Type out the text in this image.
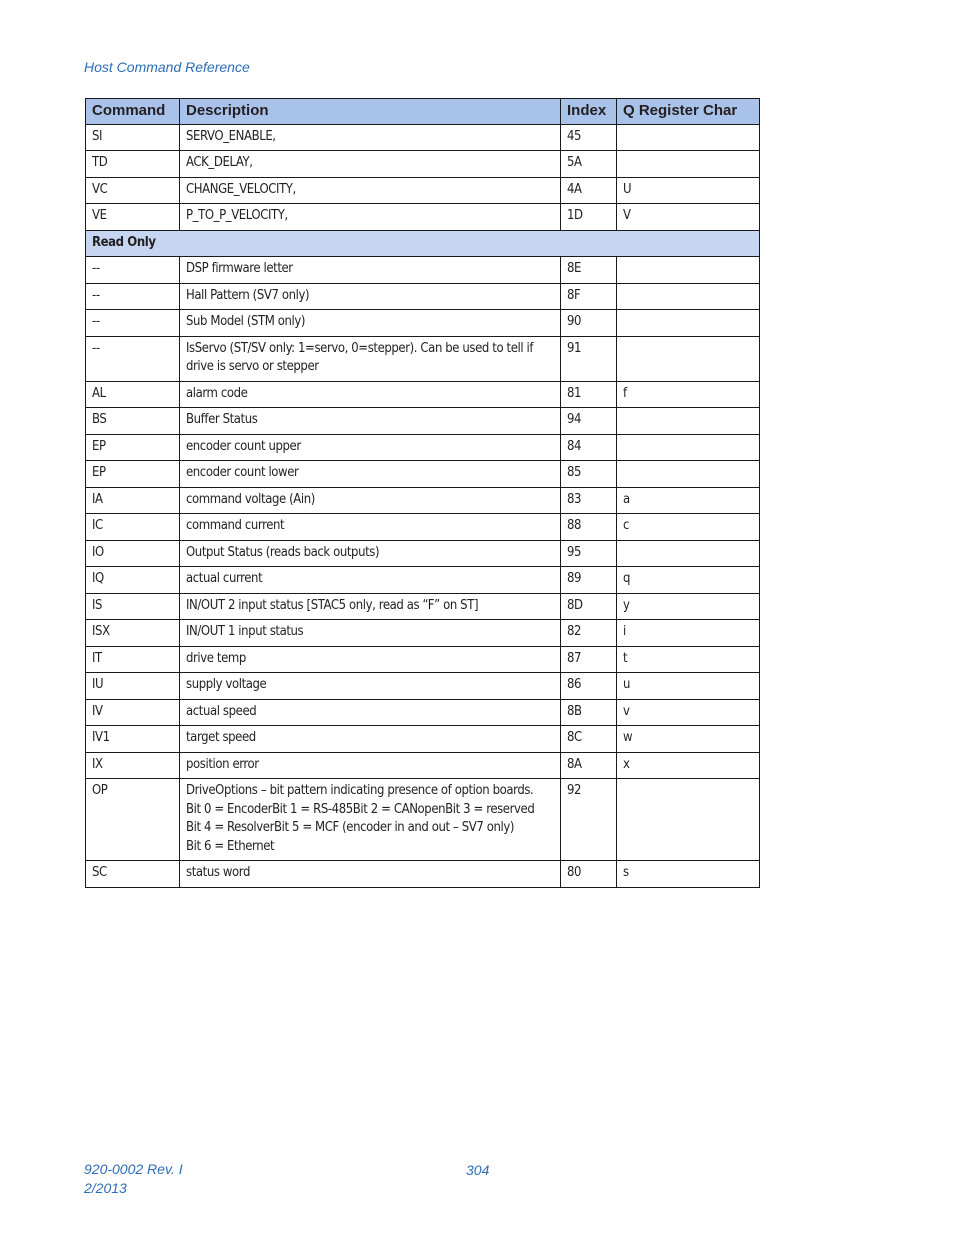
Host Command Reference
Command	Description	Index	Q Register Char
SI	SERVO_ENABLE,	45	
TD	ACK_DELAY,	5A	
VC	CHANGE_VELOCITY,	4A	U
VE	P_TO_P_VELOCITY,	1D	V
Read Only			
--	DSP firmware letter	8E	
--	Hall Pattern (SV7 only)	8F	
--	Sub Model (STM only)	90	
--	IsServo (ST/SV only: 1=servo, 0=stepper). Can be used to tell ifdrive is servo or stepper	91	
AL	alarm code	81	f
BS	Buffer Status	94	
EP	encoder count upper	84	
EP	encoder count lower	85	
IA	command voltage (Ain)	83	a
IC	command current	88	c
IO	Output Status (reads back outputs)	95	
IQ	actual current	89	q
IS	IN/OUT 2 input status [STAC5 only, read as “F” on ST]	8D	y
ISX	IN/OUT 1 input status	82	i
IT	drive temp	87	t
IU	supply voltage	86	u
IV	actual speed	8B	v
IV1	target speed	8C	w
IX	position error	8A	x
OP	DriveOptions – bit pattern indicating presence of option boards.Bit 0 = EncoderBit 1 = RS-485Bit 2 = CANopenBit 3 = reservedBit 4 = ResolverBit 5 = MCF (encoder in and out – SV7 only)Bit 6 = Ethernet	92	
SC	status word	80	s
920-0002 Rev. I
2/2013
304
